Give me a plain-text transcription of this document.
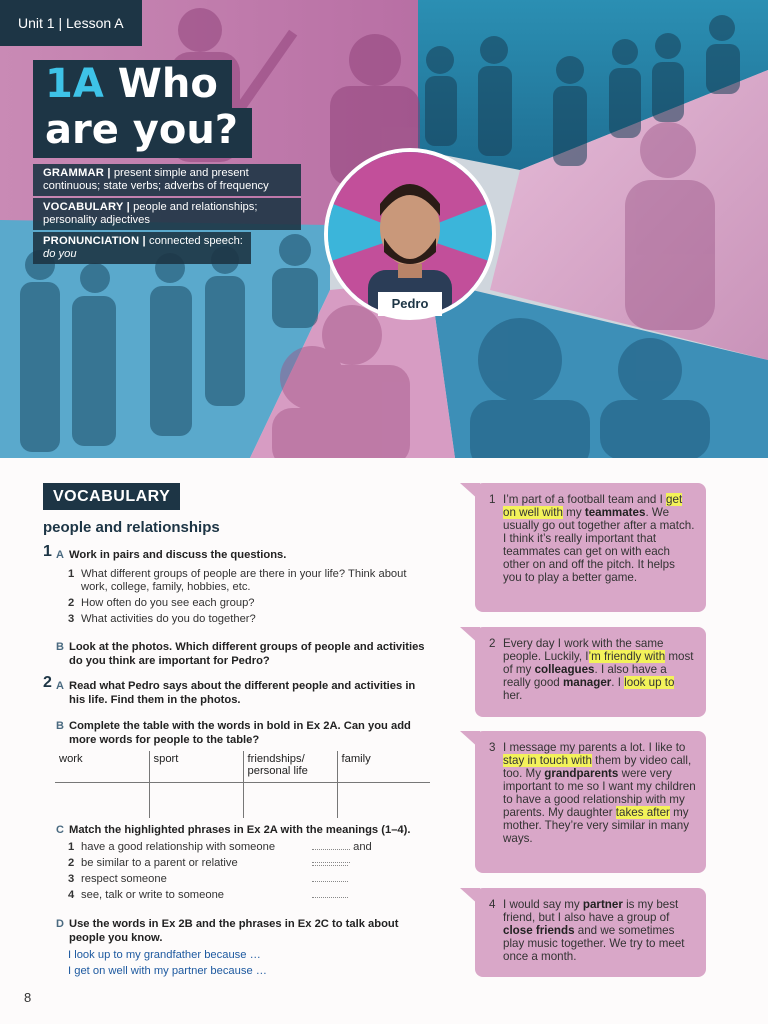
Unit 1 | Lesson A
1A Who
are you?
GRAMMAR | present simple and present continuous; state verbs; adverbs of frequency VOCABULARY | people and relationships; personality adjectives PRONUNCIATION | connected speech:
do you
Pedro
VOCABULARY
people and relationships
1 A Work in pairs and discuss the questions.
1 What different groups of people are there in your life? Think about work, college, family, hobbies, etc.
2 How often do you see each group?
3 What activities do you do together?
B Look at the photos. Which different groups of people and activities do you think are important for Pedro?
2 A Read what Pedro says about the different people and activities in his life. Find them in the photos.
B Complete the table with the words in bold in Ex 2A. Can you add more words for people to the table?
work	sport	friendships/ personal life	family

C Match the highlighted phrases in Ex 2A with the meanings (1–4).
1 have a good relationship with someone	and
2 be similar to a parent or relative
3 respect someone
4 see, talk or write to someone
D Use the words in Ex 2B and the phrases in Ex 2C to talk about people you know.
I look up to my grandfather because …
I get on well with my partner because …
8
1 I’m part of a football team and I get on well with my teammates. We usually go out together after a match. I think it’s really important that teammates can get on with each other on and off the pitch. It helps you to play a better game.
2 Every day I work with the same people. Luckily, I’m friendly with most of my colleagues. I also have a really good manager. I look up to her.
3 I message my parents a lot. I like to stay in touch with them by video call, too. My grandparents were very important to me so I want my children to have a good relationship with my parents. My daughter takes after my mother. They’re very similar in many ways.
4 I would say my partner is my best friend, but I also have a group of close friends and we sometimes play music together. We try to meet once a month.
